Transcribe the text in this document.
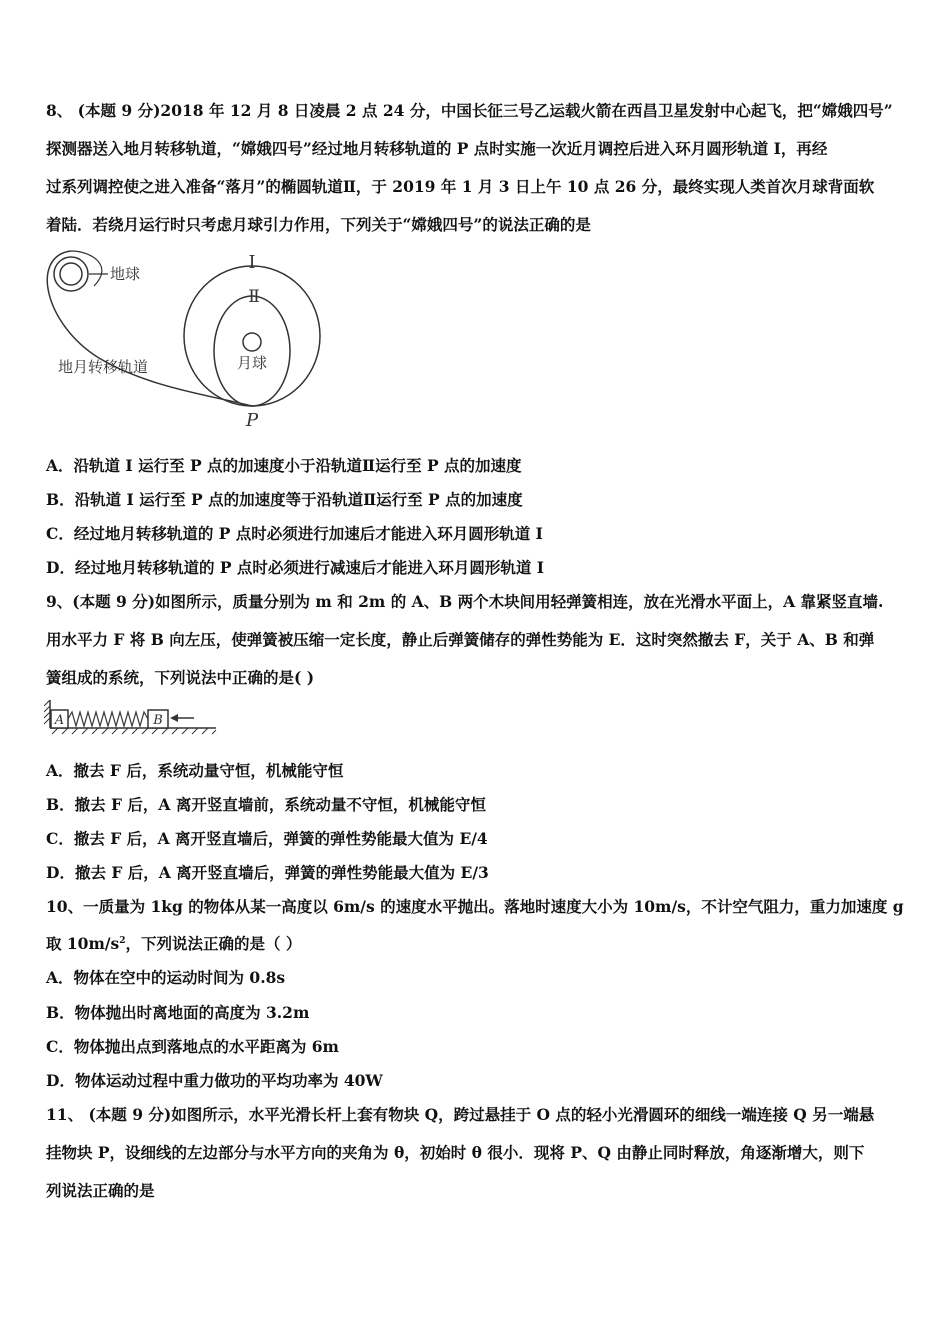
8、 (本题 9 分)2018 年 12 月 8 日凌晨 2 点 24 分，中国长征三号乙运载火箭在西昌卫星发射中心起飞，把“嫦娥四号”
探测器送入地月转移轨道，“嫦娥四号”经过地月转移轨道的 P 点时实施一次近月调控后进入环月圆形轨道 I，再经
过系列调控使之进入准备“落月”的椭圆轨道Ⅱ，于 2019 年 1 月 3 日上午 10 点 26 分，最终实现人类首次月球背面软
着陆．若绕月运行时只考虑月球引力作用，下列关于“嫦娥四号”的说法正确的是
地球
地月转移轨道
I
Ⅱ
月球
P
A．沿轨道 I 运行至 P 点的加速度小于沿轨道Ⅱ运行至 P 点的加速度
B．沿轨道 I 运行至 P 点的加速度等于沿轨道Ⅱ运行至 P 点的加速度
C．经过地月转移轨道的 P 点时必须进行加速后才能进入环月圆形轨道 I
D．经过地月转移轨道的 P 点时必须进行减速后才能进入环月圆形轨道 I
9、(本题 9 分)如图所示，质量分别为 m 和 2m 的 A、B 两个木块间用轻弹簧相连，放在光滑水平面上，A 靠紧竖直墙.
用水平力 F 将 B 向左压，使弹簧被压缩一定长度，静止后弹簧储存的弹性势能为 E．这时突然撤去 F，关于 A、B 和弹
簧组成的系统，下列说法中正确的是( )
A	B
A．撤去 F 后，系统动量守恒，机械能守恒
B．撤去 F 后，A 离开竖直墙前，系统动量不守恒，机械能守恒
C．撤去 F 后，A 离开竖直墙后，弹簧的弹性势能最大值为 E/4
D．撤去 F 后，A 离开竖直墙后，弹簧的弹性势能最大值为 E/3
10、一质量为 1kg 的物体从某一高度以 6m/s 的速度水平抛出。落地时速度大小为 10m/s，不计空气阻力，重力加速度 g
取 $10m/s^2$，下列说法正确的是（ ）
A．物体在空中的运动时间为 0.8s
B．物体抛出时离地面的高度为 3.2m
C．物体抛出点到落地点的水平距离为 6m
D．物体运动过程中重力做功的平均功率为 40W
11、 (本题 9 分)如图所示，水平光滑长杆上套有物块 Q，跨过悬挂于 O 点的轻小光滑圆环的细线一端连接 Q 另一端悬
挂物块 P，设细线的左边部分与水平方向的夹角为 θ，初始时 θ 很小．现将 P、Q 由静止同时释放，角逐渐增大，则下
列说法正确的是
